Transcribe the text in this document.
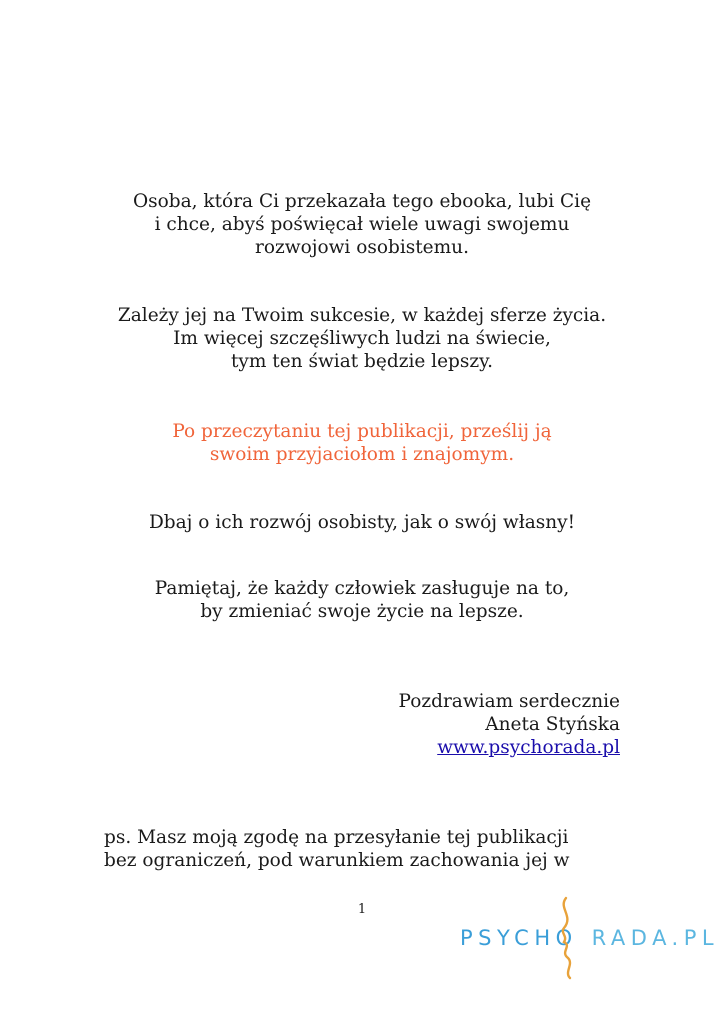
Osoba, która Ci przekazała tego ebooka, lubi Cię
i chce, abyś poświęcał wiele uwagi swojemu
rozwojowi osobistemu.

Zależy jej na Twoim sukcesie, w każdej sferze życia.
Im więcej szczęśliwych ludzi na świecie,
tym ten świat będzie lepszy.

Po przeczytaniu tej publikacji, prześlij ją
swoim przyjaciołom i znajomym.

Dbaj o ich rozwój osobisty, jak o swój własny!

Pamiętaj, że każdy człowiek zasługuje na to,
by zmieniać swoje życie na lepsze.

Pozdrawiam serdecznie
Aneta Styńska
www.psychorada.pl
ps. Masz moją zgodę na przesyłanie tej publikacji
bez ograniczeń, pod warunkiem zachowania jej w
1
PSYCHO RADA.PL
